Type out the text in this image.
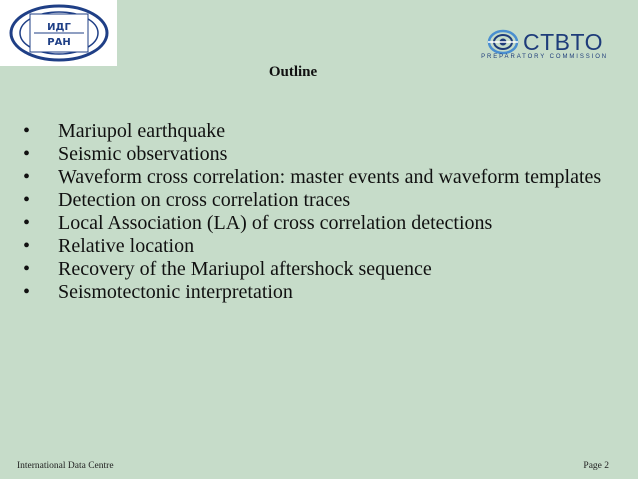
ИДГ
РАН	CTBTO
PREPARATORY COMMISSION
Outline
• Mariupol earthquake
• Seismic observations
• Waveform cross correlation: master events and waveform templates
• Detection on cross correlation traces
• Local Association (LA) of cross correlation detections
• Relative location
• Recovery of the Mariupol aftershock sequence
• Seismotectonic interpretation
International Data Centre	Page 2
